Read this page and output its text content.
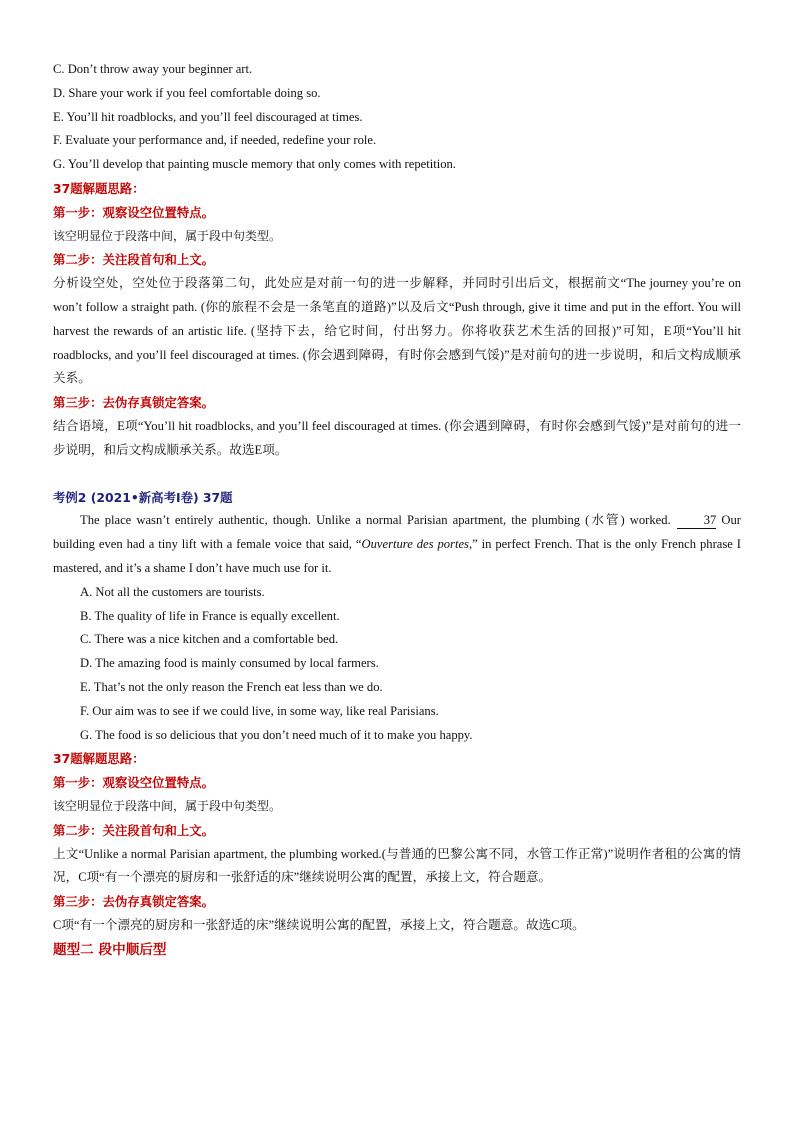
C. Don’t throw away your beginner art.
D. Share your work if you feel comfortable doing so.
E. You’ll hit roadblocks, and you’ll feel discouraged at times.
F. Evaluate your performance and, if needed, redefine your role.
G. You’ll develop that painting muscle memory that only comes with repetition.
37题解题思路：
第一步：观察设空位置特点。
该空明显位于段落中间，属于段中句类型。
第二步：关注段首句和上文。
分析设空处，空处位于段落第二句，此处应是对前一句的进一步解释，并同时引出后文，根据前文“The journey you’re on won’t follow a straight path. (你的旅程不会是一条笔直的道路)”以及后文“Push through, give it time and put in the effort. You will harvest the rewards of an artistic life. (坚持下去，给它时间，付出努力。你将收获艺术生活的回报)”可知，E项“You’ll hit roadblocks, and you’ll feel discouraged at times. (你会遇到障碍，有时你会感到气馁)”是对前句的进一步说明，和后文构成顺承关系。
第三步：去伪存真锁定答案。
结合语境，E项“You’ll hit roadblocks, and you’ll feel discouraged at times. (你会遇到障碍，有时你会感到气馁)”是对前句的进一步说明，和后文构成顺承关系。故选E项。
考例2 (2021•新高考I卷) 37题
The place wasn’t entirely authentic, though. Unlike a normal Parisian apartment, the plumbing (水管) worked.	37 Our building even had a tiny lift with a female voice that said, “Ouverture des portes,” in perfect French. That is the only French phrase I mastered, and it’s a shame I don’t have much use for it.
A. Not all the customers are tourists.
B. The quality of life in France is equally excellent.
C. There was a nice kitchen and a comfortable bed.
D. The amazing food is mainly consumed by local farmers.
E. That’s not the only reason the French eat less than we do.
F. Our aim was to see if we could live, in some way, like real Parisians.
G. The food is so delicious that you don’t need much of it to make you happy.
37题解题思路：
第一步：观察设空位置特点。
该空明显位于段落中间，属于段中句类型。
第二步：关注段首句和上文。
上文“Unlike a normal Parisian apartment, the plumbing worked.(与普通的巴黎公寓不同，水管工作正常)”说明作者租的公寓的情况，C项“有一个漂亮的厨房和一张舒适的床”继续说明公寓的配置，承接上文，符合题意。
第三步：去伪存真锁定答案。
C项“有一个漂亮的厨房和一张舒适的床”继续说明公寓的配置，承接上文，符合题意。故选C项。
题型二 段中顺后型
